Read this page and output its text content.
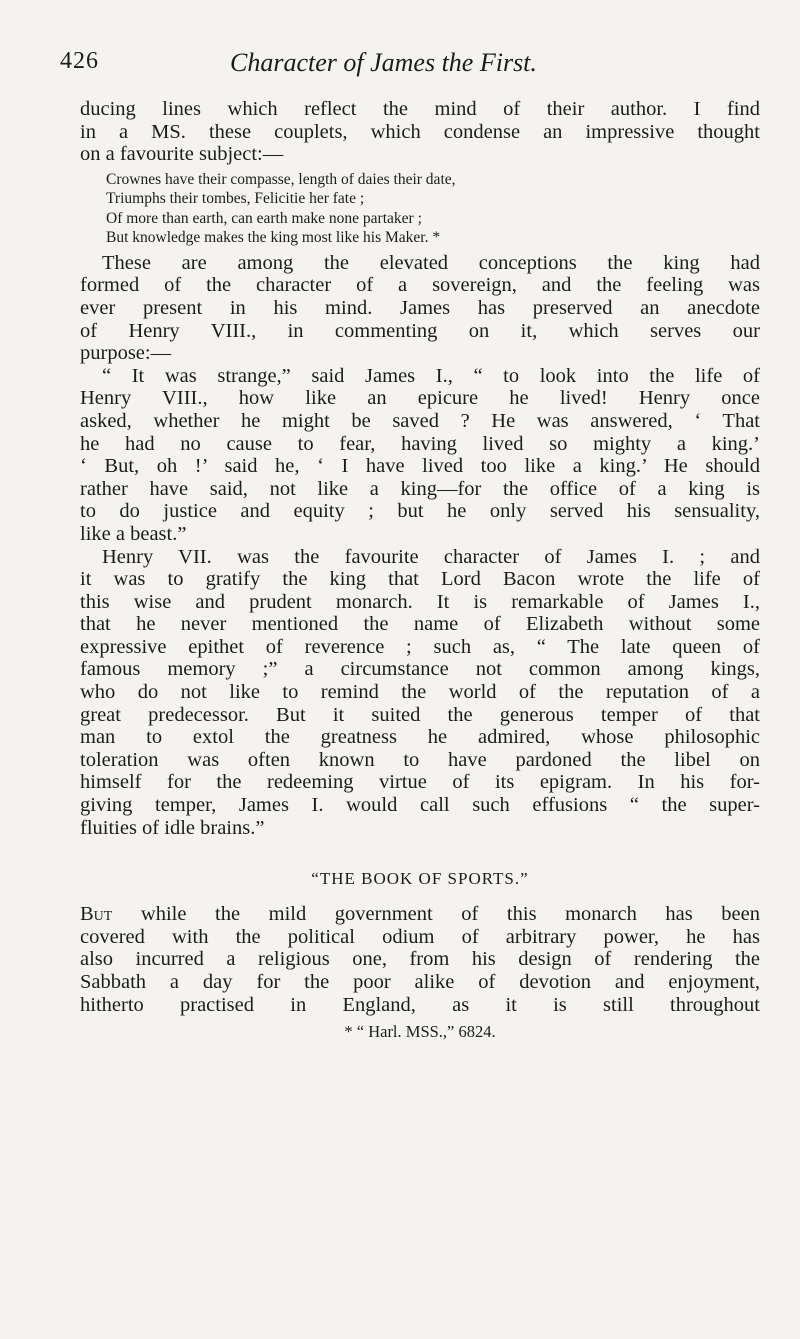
426	Character of James the First.

ducing lines which reflect the mind of their author. I find
in a MS. these couplets, which condense an impressive thought
on a favourite subject:—

Crownes have their compasse, length of daies their date,
Triumphs their tombes, Felicitie her fate ;
Of more than earth, can earth make none partaker ;
But knowledge makes the king most like his Maker. *

These are among the elevated conceptions the king had
formed of the character of a sovereign, and the feeling was
ever present in his mind. James has preserved an anecdote
of Henry VIII., in commenting on it, which serves our
purpose:—

“ It was strange,” said James I., “ to look into the life of
Henry VIII., how like an epicure he lived! Henry once
asked, whether he might be saved ? He was answered, ‘ That
he had no cause to fear, having lived so mighty a king.’
‘ But, oh !’ said he, ‘ I have lived too like a king.’ He should
rather have said, not like a king—for the office of a king is
to do justice and equity ; but he only served his sensuality,
like a beast.”

Henry VII. was the favourite character of James I. ; and
it was to gratify the king that Lord Bacon wrote the life of
this wise and prudent monarch. It is remarkable of James I.,
that he never mentioned the name of Elizabeth without some
expressive epithet of reverence ; such as, “ The late queen of
famous memory ;” a circumstance not common among kings,
who do not like to remind the world of the reputation of a
great predecessor. But it suited the generous temper of that
man to extol the greatness he admired, whose philosophic
toleration was often known to have pardoned the libel on
himself for the redeeming virtue of its epigram. In his for-
giving temper, James I. would call such effusions “ the super-
fluities of idle brains.”

“THE BOOK OF SPORTS.”

But while the mild government of this monarch has been
covered with the political odium of arbitrary power, he has
also incurred a religious one, from his design of rendering the
Sabbath a day for the poor alike of devotion and enjoyment,
hitherto practised in England, as it is still throughout

* “ Harl. MSS.,” 6824.
